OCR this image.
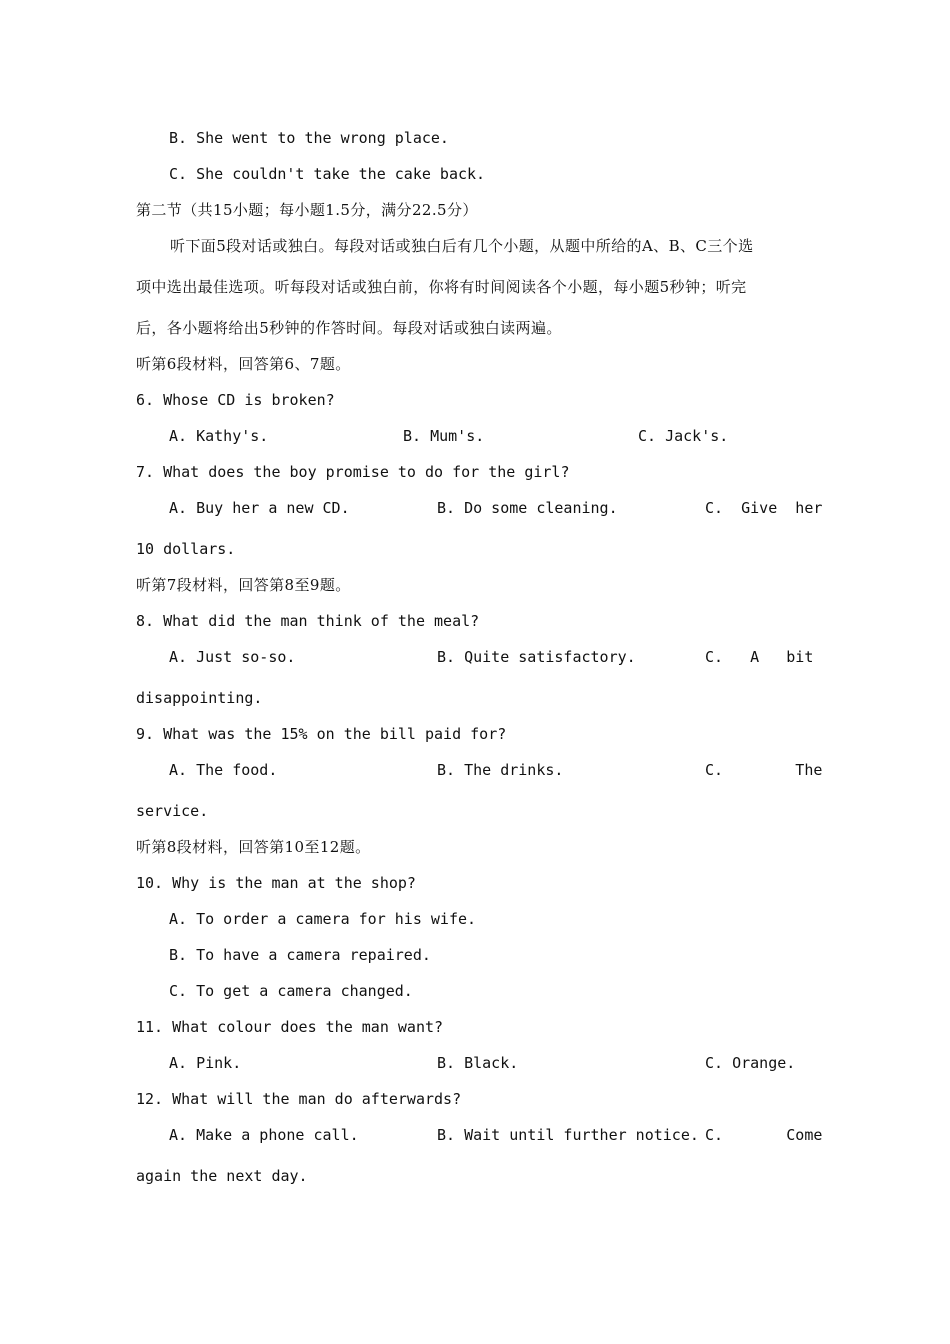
B. She went to the wrong place.
C. She couldn't take the cake back.
第二节（共15小题；每小题1.5分，满分22.5分）
听下面5段对话或独白。每段对话或独白后有几个小题，从题中所给的A、B、C三个选
项中选出最佳选项。听每段对话或独白前，你将有时间阅读各个小题，每小题5秒钟；听完
后，各小题将给出5秒钟的作答时间。每段对话或独白读两遍。
听第6段材料，回答第6、7题。
6. Whose CD is broken?
A. Kathy's.	B. Mum's.	C. Jack's.
7. What does the boy promise to do for the girl?
A. Buy her a new CD.	B. Do some cleaning.	C.  Give  her
10 dollars.
听第7段材料，回答第8至9题。
8. What did the man think of the meal?
A. Just so-so.	B. Quite satisfactory.	C.   A   bit
disappointing.
9. What was the 15% on the bill paid for?
A. The food.	B. The drinks.	C.        The
service.
听第8段材料，回答第10至12题。
10. Why is the man at the shop?
A. To order a camera for his wife.
B. To have a camera repaired.
C. To get a camera changed.
11. What colour does the man want?
A. Pink.	B. Black.	C. Orange.
12. What will the man do afterwards?
A. Make a phone call.	B. Wait until further notice. C.       Come
again the next day.
